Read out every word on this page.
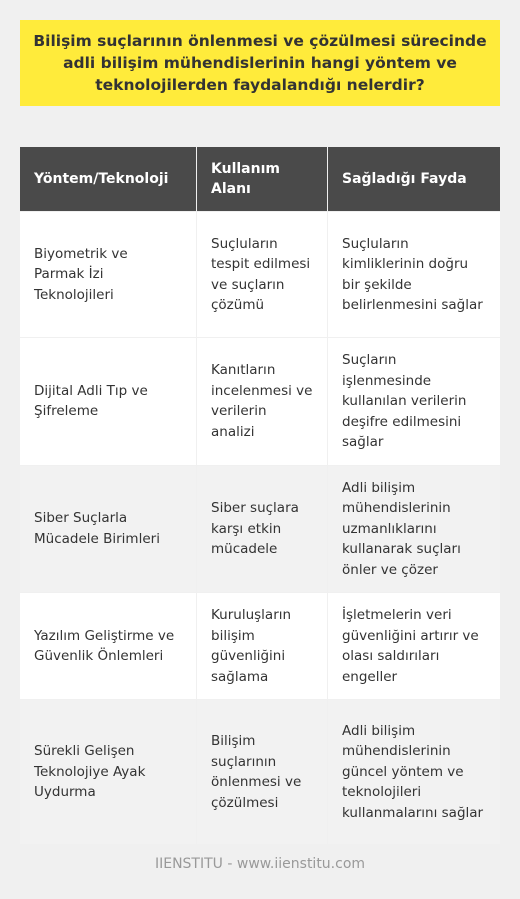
Bilişim suçlarının önlenmesi ve çözülmesi sürecinde adli bilişim mühendislerinin hangi yöntem ve teknolojilerden faydalandığı nelerdir?
Yöntem/Teknoloji	Kullanım Alanı	Sağladığı Fayda
Biyometrik ve Parmak İzi Teknolojileri	Suçluların tespit edilmesi ve suçların çözümü	Suçluların kimliklerinin doğru bir şekilde belirlenmesini sağlar
Dijital Adli Tıp ve Şifreleme	Kanıtların incelenmesi ve verilerin analizi	Suçların işlenmesinde kullanılan verilerin deşifre edilmesini sağlar
Siber Suçlarla Mücadele Birimleri	Siber suçlara karşı etkin mücadele	Adli bilişim mühendislerinin uzmanlıklarını kullanarak suçları önler ve çözer
Yazılım Geliştirme ve Güvenlik Önlemleri	Kuruluşların bilişim güvenliğini sağlama	İşletmelerin veri güvenliğini artırır ve olası saldırıları engeller
Sürekli Gelişen Teknolojiye Ayak Uydurma	Bilişim suçlarının önlenmesi ve çözülmesi	Adli bilişim mühendislerinin güncel yöntem ve teknolojileri kullanmalarını sağlar
IIENSTITU - www.iienstitu.com
